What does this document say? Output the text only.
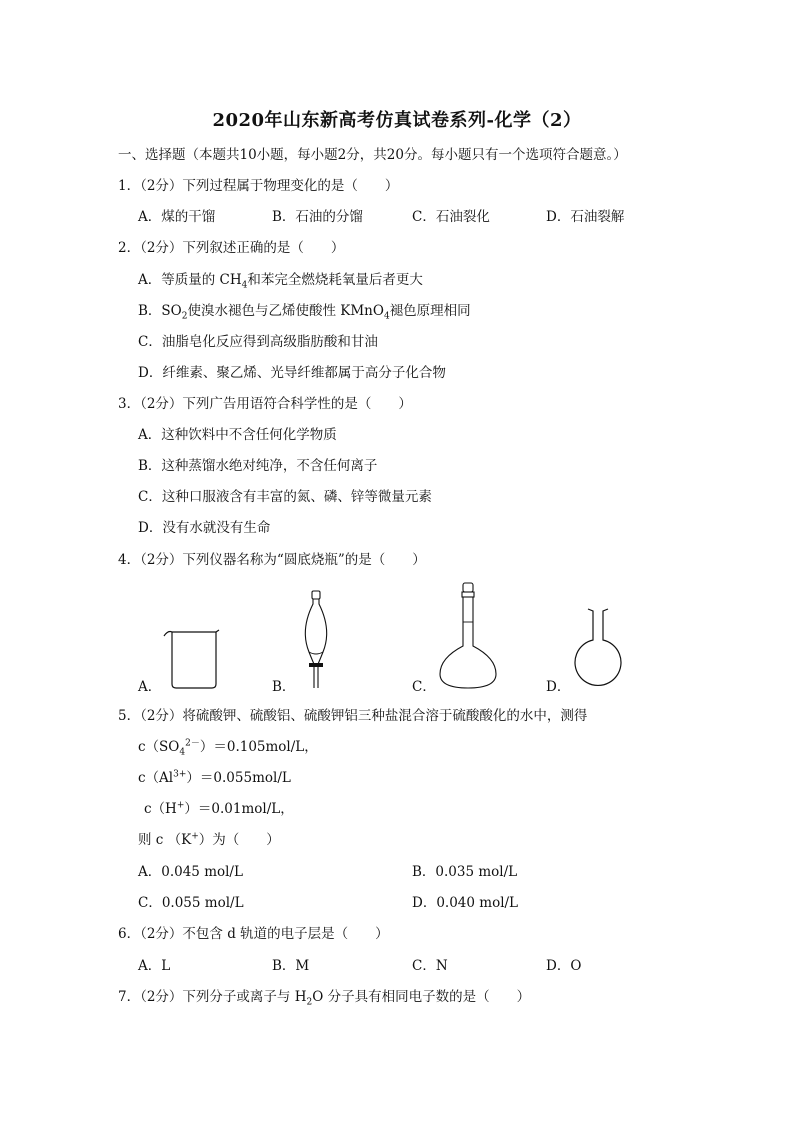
2020年山东新高考仿真试卷系列-化学（2）
一、选择题（本题共10小题，每小题2分，共20分。每小题只有一个选项符合题意。）
1．（2分）下列过程属于物理变化的是（　　）
A．煤的干馏	B．石油的分馏	C．石油裂化	D．石油裂解
2．（2分）下列叙述正确的是（　　）
A．等质量的 $CH_4$和苯完全燃烧耗氧量后者更大
B．$SO_2$使溴水褪色与乙烯使酸性 KMnO$_4$褪色原理相同
C．油脂皂化反应得到高级脂肪酸和甘油
D．纤维素、聚乙烯、光导纤维都属于高分子化合物
3．（2分）下列广告用语符合科学性的是（　　）
A．这种饮料中不含任何化学物质
B．这种蒸馏水绝对纯净，不含任何离子
C．这种口服液含有丰富的氮、磷、锌等微量元素
D．没有水就没有生命
4．（2分）下列仪器名称为“圆底烧瓶”的是（　　）
A．	B．	C．	D．
5．（2分）将硫酸钾、硫酸铝、硫酸钾铝三种盐混合溶于硫酸酸化的水中，测得
$c(SO_4^{2-})=0.105mol/L$，
$c(Al^{3+})=0.055mol/L$
c（H+）＝0.01mol/L，
则 c （K+）为（　　）
A．0.045 mol/L	B．0.035 mol/L
C．0.055 mol/L	D．0.040 mol/L
6．（2分）不包含 d 轨道的电子层是（　　）
A．L	B．M	C．N	D．O
7．（2分）下列分子或离子与 $H_2O$ 分子具有相同电子数的是（　　）
